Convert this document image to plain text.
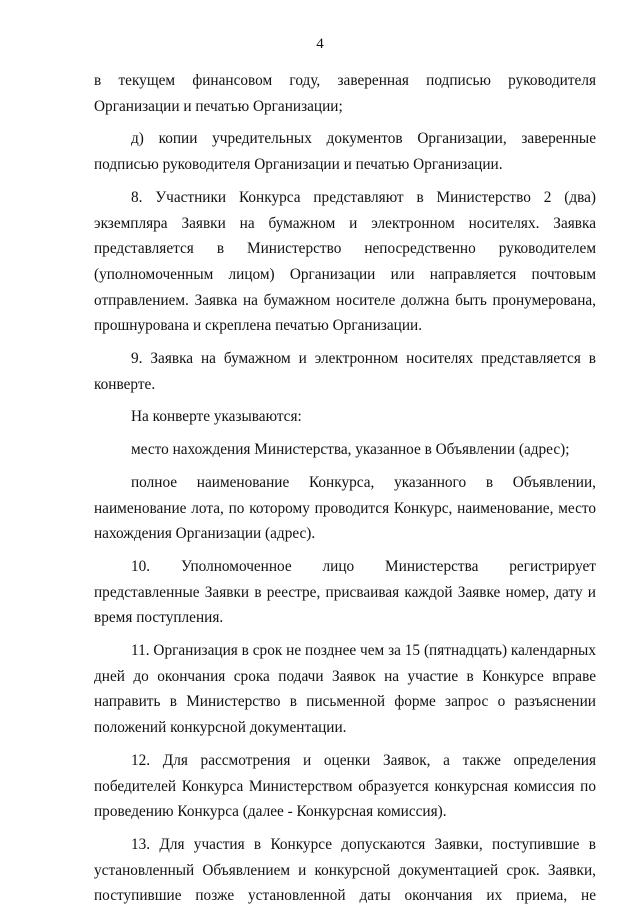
4

в текущем финансовом году, заверенная подписью руководителя Организации и печатью Организации;

д) копии учредительных документов Организации, заверенные подписью руководителя Организации и печатью Организации.

8. Участники Конкурса представляют в Министерство 2 (два) экземпляра Заявки на бумажном и электронном носителях. Заявка представляется в Министерство непосредственно руководителем (уполномоченным лицом) Организации или направляется почтовым отправлением. Заявка на бумажном носителе должна быть пронумерована, прошнурована и скреплена печатью Организации.

9. Заявка на бумажном и электронном носителях представляется в конверте.

На конверте указываются:

место нахождения Министерства, указанное в Объявлении (адрес);

полное наименование Конкурса, указанного в Объявлении, наименование лота, по которому проводится Конкурс, наименование, место нахождения Организации (адрес).

10. Уполномоченное лицо Министерства регистрирует представленные Заявки в реестре, присваивая каждой Заявке номер, дату и время поступления.

11. Организация в срок не позднее чем за 15 (пятнадцать) календарных дней до окончания срока подачи Заявок на участие в Конкурсе вправе направить в Министерство в письменной форме запрос о разъяснении положений конкурсной документации.

12. Для рассмотрения и оценки Заявок, а также определения победителей Конкурса Министерством образуется конкурсная комиссия по проведению Конкурса (далее - Конкурсная комиссия).

13. Для участия в Конкурсе допускаются Заявки, поступившие в установленный Объявлением и конкурсной документацией срок. Заявки, поступившие позже установленной даты окончания их приема, не
